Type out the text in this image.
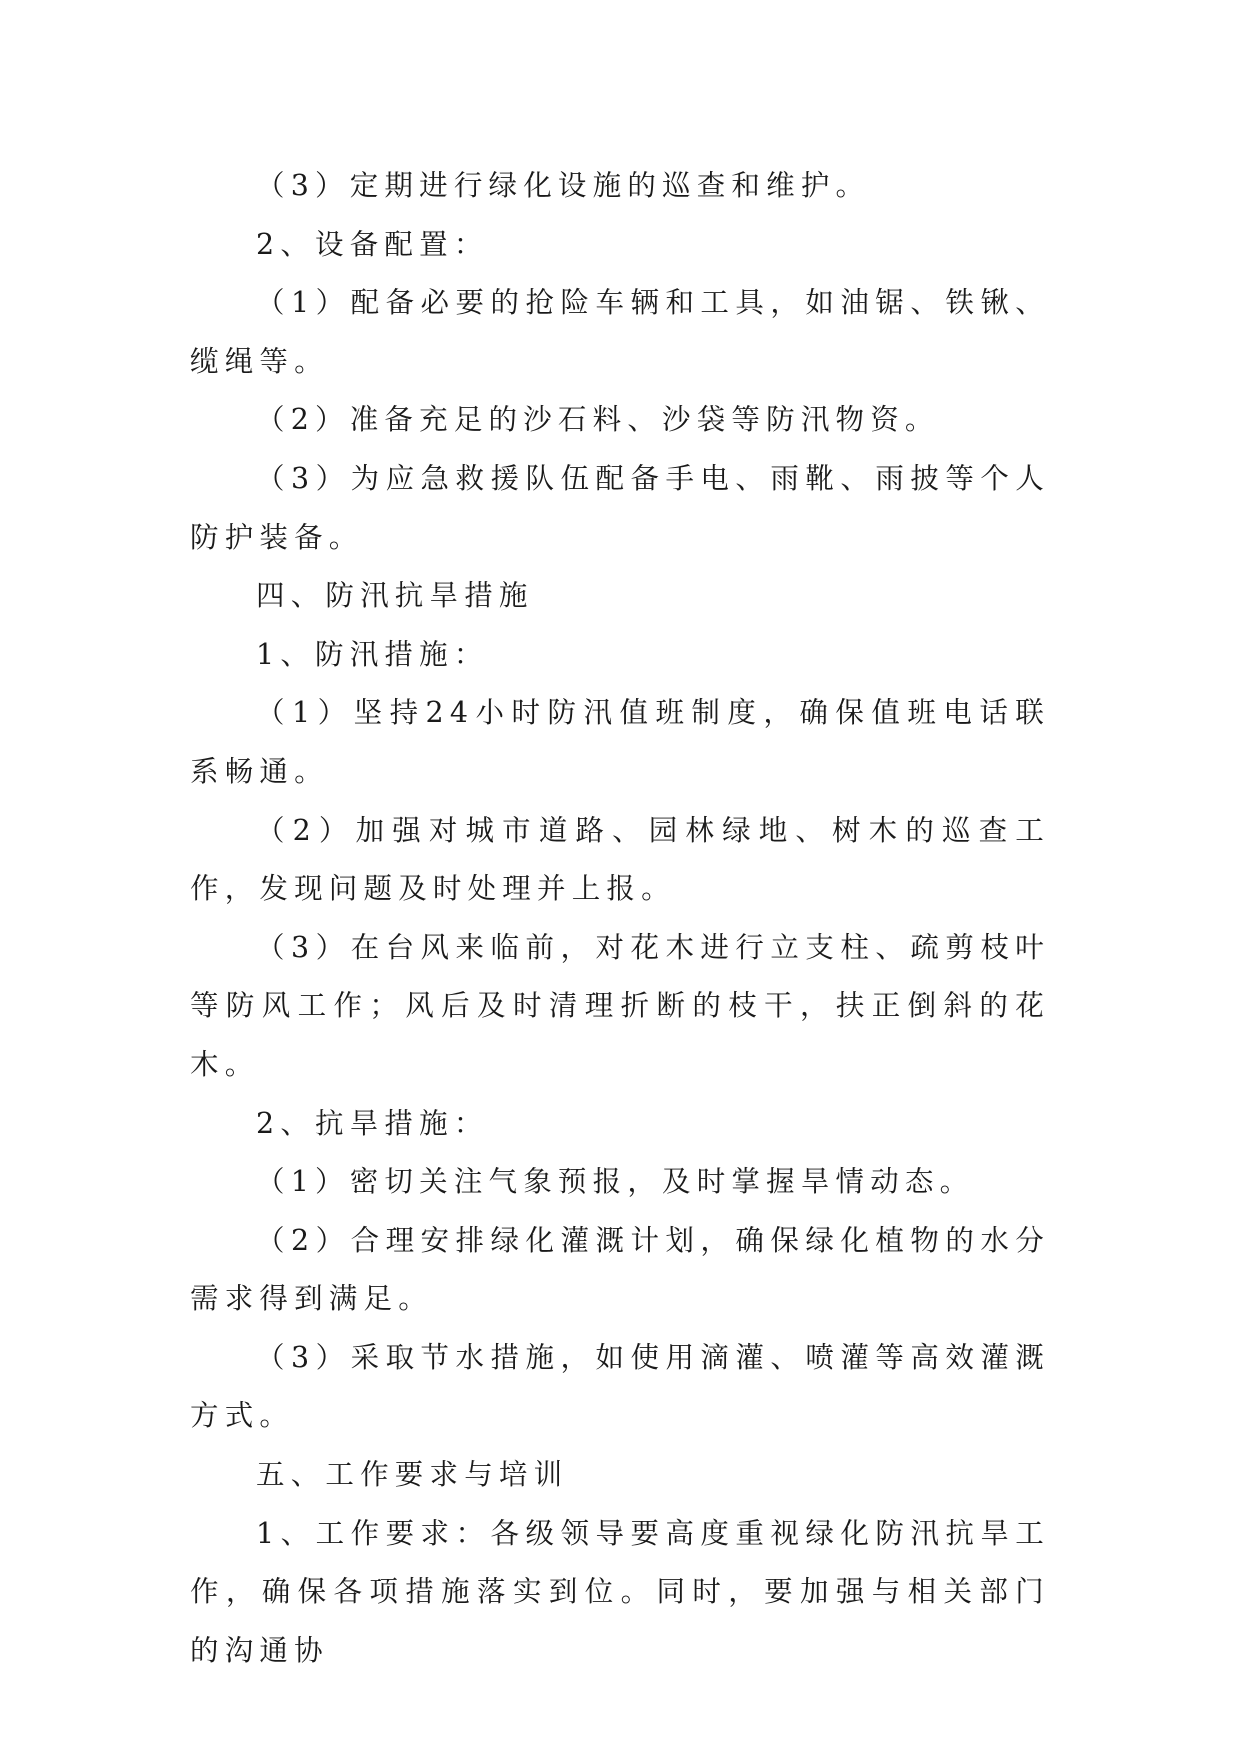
（3）定期进行绿化设施的巡查和维护。

2、设备配置：

（1）配备必要的抢险车辆和工具，如油锯、铁锹、缆绳等。

（2）准备充足的沙石料、沙袋等防汛物资。

（3）为应急救援队伍配备手电、雨靴、雨披等个人防护装备。

四、防汛抗旱措施

1、防汛措施：

（1）坚持24小时防汛值班制度，确保值班电话联系畅通。

（2）加强对城市道路、园林绿地、树木的巡查工作，发现问题及时处理并上报。

（3）在台风来临前，对花木进行立支柱、疏剪枝叶等防风工作；风后及时清理折断的枝干，扶正倒斜的花木。

2、抗旱措施：

（1）密切关注气象预报，及时掌握旱情动态。

（2）合理安排绿化灌溉计划，确保绿化植物的水分需求得到满足。

（3）采取节水措施，如使用滴灌、喷灌等高效灌溉方式。

五、工作要求与培训

1、工作要求：各级领导要高度重视绿化防汛抗旱工作，确保各项措施落实到位。同时，要加强与相关部门的沟通协
